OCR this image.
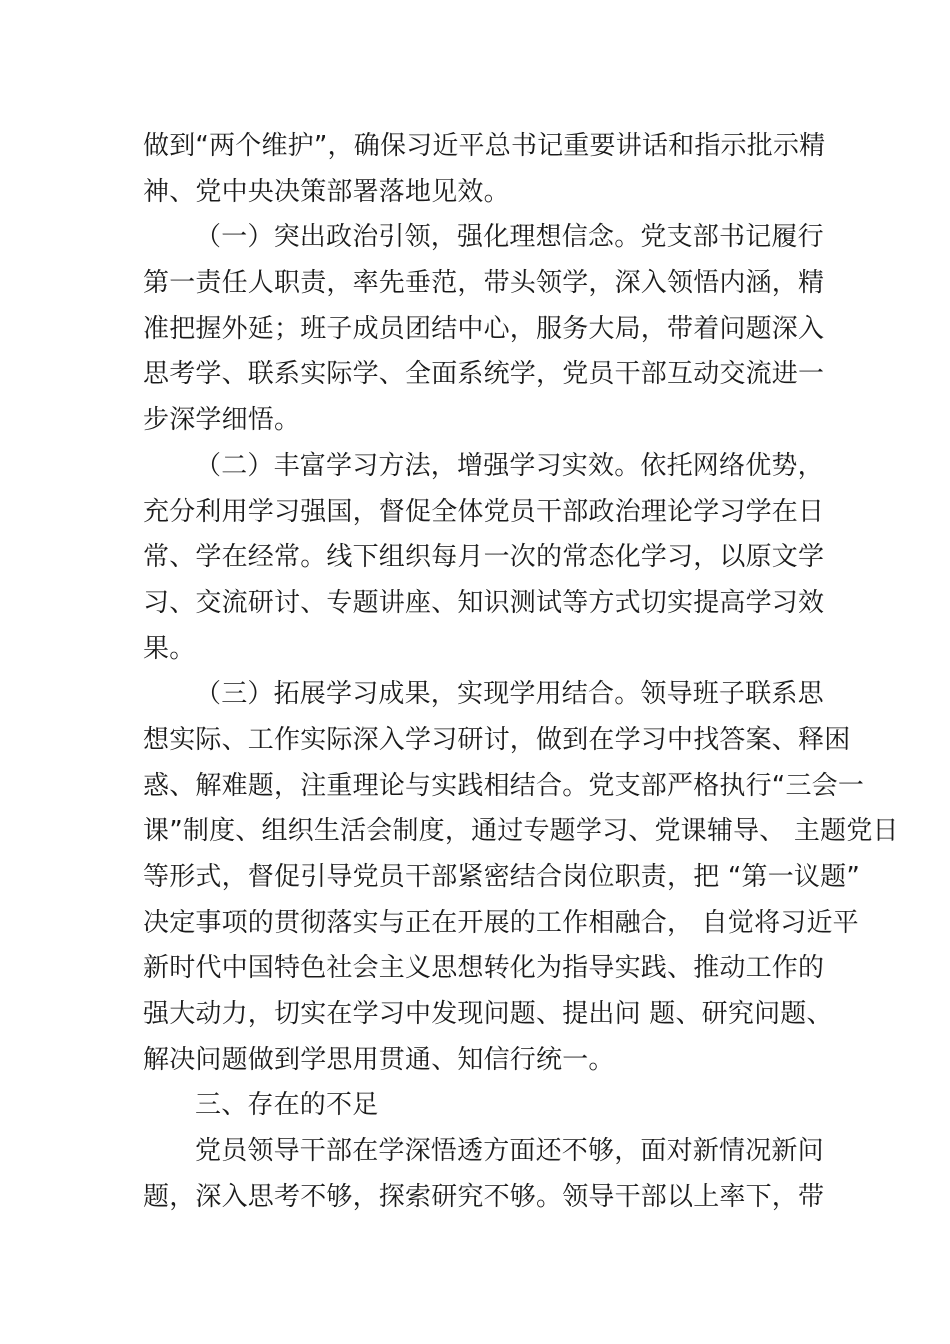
做到“两个维护”，确保习近平总书记重要讲话和指示批示精
神、党中央决策部署落地见效。
（一）突出政治引领，强化理想信念。党支部书记履行
第一责任人职责，率先垂范，带头领学，深入领悟内涵，精
准把握外延；班子成员团结中心，服务大局，带着问题深入
思考学、联系实际学、全面系统学，党员干部互动交流进一
步深学细悟。
（二）丰富学习方法，增强学习实效。依托网络优势，
充分利用学习强国，督促全体党员干部政治理论学习学在日
常、学在经常。线下组织每月一次的常态化学习，以原文学
习、交流研讨、专题讲座、知识测试等方式切实提高学习效
果。
（三）拓展学习成果，实现学用结合。领导班子联系思
想实际、工作实际深入学习研讨，做到在学习中找答案、释困
惑、解难题，注重理论与实践相结合。党支部严格执行“三会一
课”制度、组织生活会制度，通过专题学习、党课辅导、 主题党日
等形式，督促引导党员干部紧密结合岗位职责，把 “第一议题”
决定事项的贯彻落实与正在开展的工作相融合， 自觉将习近平
新时代中国特色社会主义思想转化为指导实践、推动工作的
强大动力，切实在学习中发现问题、提出问 题、研究问题、
解决问题做到学思用贯通、知信行统一。
三、存在的不足
党员领导干部在学深悟透方面还不够，面对新情况新问
题，深入思考不够，探索研究不够。领导干部以上率下，带
